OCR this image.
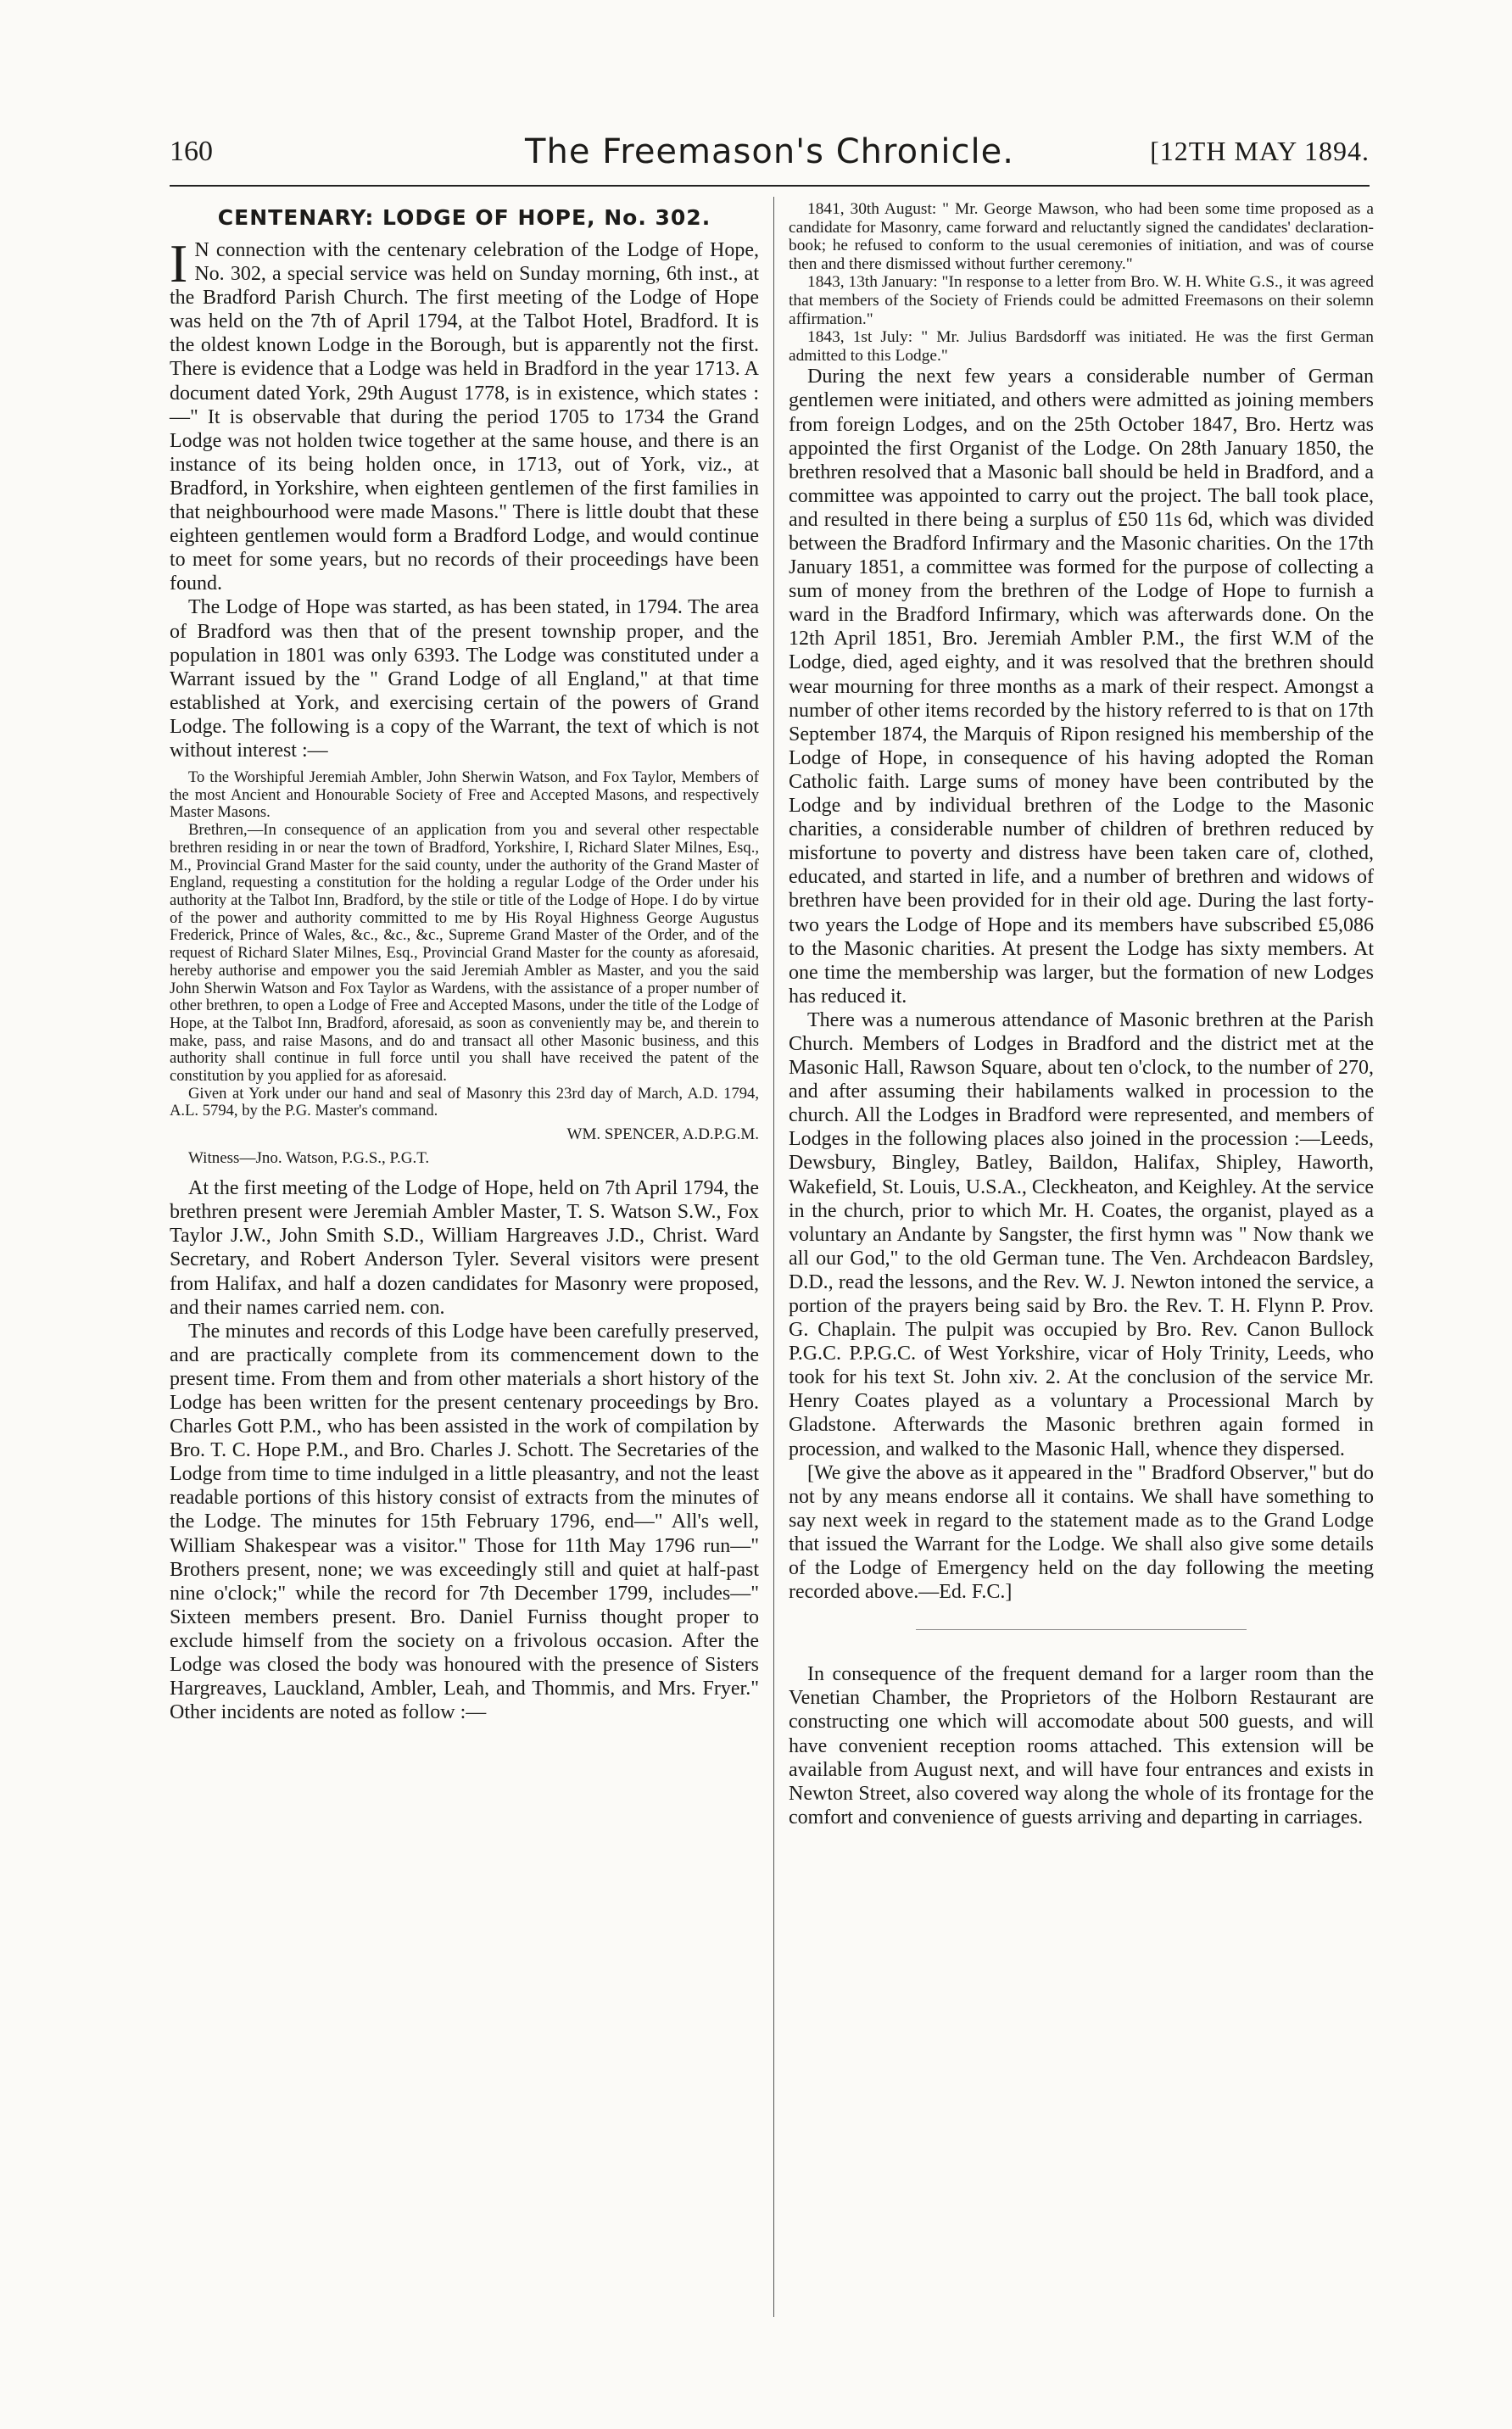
160	The Freemason's Chronicle.	[12TH MAY 1894.
CENTENARY: LODGE OF HOPE, No. 302.

I N connection with the centenary celebration of the Lodge of Hope, No. 302, a special service was held on Sunday morning, 6th inst., at the Bradford Parish Church. The first meeting of the Lodge of Hope was held on the 7th of April 1794, at the Talbot Hotel, Bradford. It is the oldest known Lodge in the Borough, but is apparently not the first. There is evidence that a Lodge was held in Bradford in the year 1713. A document dated York, 29th August 1778, is in existence, which states :—" It is observable that during the period 1705 to 1734 the Grand Lodge was not holden twice together at the same house, and there is an instance of its being holden once, in 1713, out of York, viz., at Bradford, in Yorkshire, when eighteen gentlemen of the first families in that neighbourhood were made Masons." There is little doubt that these eighteen gentlemen would form a Bradford Lodge, and would continue to meet for some years, but no records of their proceedings have been found.

The Lodge of Hope was started, as has been stated, in 1794. The area of Bradford was then that of the present township proper, and the population in 1801 was only 6393. The Lodge was constituted under a Warrant issued by the " Grand Lodge of all England," at that time established at York, and exercising certain of the powers of Grand Lodge. The following is a copy of the Warrant, the text of which is not without interest :—

To the Worshipful Jeremiah Ambler, John Sherwin Watson, and Fox Taylor, Members of the most Ancient and Honourable Society of Free and Accepted Masons, and respectively Master Masons.

Brethren,—In consequence of an application from you and several other respectable brethren residing in or near the town of Bradford, Yorkshire, I, Richard Slater Milnes, Esq., M., Provincial Grand Master for the said county, under the authority of the Grand Master of England, requesting a constitution for the holding a regular Lodge of the Order under his authority at the Talbot Inn, Bradford, by the stile or title of the Lodge of Hope. I do by virtue of the power and authority committed to me by His Royal Highness George Augustus Frederick, Prince of Wales, &c., &c., &c., Supreme Grand Master of the Order, and of the request of Richard Slater Milnes, Esq., Provincial Grand Master for the county as aforesaid, hereby authorise and empower you the said Jeremiah Ambler as Master, and you the said John Sherwin Watson and Fox Taylor as Wardens, with the assistance of a proper number of other brethren, to open a Lodge of Free and Accepted Masons, under the title of the Lodge of Hope, at the Talbot Inn, Bradford, aforesaid, as soon as conveniently may be, and therein to make, pass, and raise Masons, and do and transact all other Masonic business, and this authority shall continue in full force until you shall have received the patent of the constitution by you applied for as aforesaid.

Given at York under our hand and seal of Masonry this 23rd day of March, A.D. 1794, A.L. 5794, by the P.G. Master's command.

WM. SPENCER, A.D.P.G.M.

Witness—Jno. Watson, P.G.S., P.G.T.

At the first meeting of the Lodge of Hope, held on 7th April 1794, the brethren present were Jeremiah Ambler Master, T. S. Watson S.W., Fox Taylor J.W., John Smith S.D., William Hargreaves J.D., Christ. Ward Secretary, and Robert Anderson Tyler. Several visitors were present from Halifax, and half a dozen candidates for Masonry were proposed, and their names carried nem. con.

The minutes and records of this Lodge have been carefully preserved, and are practically complete from its commencement down to the present time. From them and from other materials a short history of the Lodge has been written for the present centenary proceedings by Bro. Charles Gott P.M., who has been assisted in the work of compilation by Bro. T. C. Hope P.M., and Bro. Charles J. Schott. The Secretaries of the Lodge from time to time indulged in a little pleasantry, and not the least readable portions of this history consist of extracts from the minutes of the Lodge. The minutes for 15th February 1796, end—" All's well, William Shakespear was a visitor." Those for 11th May 1796 run—" Brothers present, none; we was exceedingly still and quiet at half-past nine o'clock;" while the record for 7th December 1799, includes—" Sixteen members present. Bro. Daniel Furniss thought proper to exclude himself from the society on a frivolous occasion. After the Lodge was closed the body was honoured with the presence of Sisters Hargreaves, Lauckland, Ambler, Leah, and Thommis, and Mrs. Fryer." Other incidents are noted as follow :—

1841, 30th August: " Mr. George Mawson, who had been some time proposed as a candidate for Masonry, came forward and reluctantly signed the candidates' declaration-book; he refused to conform to the usual ceremonies of initiation, and was of course then and there dismissed without further ceremony."

1843, 13th January: "In response to a letter from Bro. W. H. White G.S., it was agreed that members of the Society of Friends could be admitted Freemasons on their solemn affirmation."

1843, 1st July: " Mr. Julius Bardsdorff was initiated. He was the first German admitted to this Lodge."

During the next few years a considerable number of German gentlemen were initiated, and others were admitted as joining members from foreign Lodges, and on the 25th October 1847, Bro. Hertz was appointed the first Organist of the Lodge. On 28th January 1850, the brethren resolved that a Masonic ball should be held in Bradford, and a committee was appointed to carry out the project. The ball took place, and resulted in there being a surplus of £50 11s 6d, which was divided between the Bradford Infirmary and the Masonic charities. On the 17th January 1851, a committee was formed for the purpose of collecting a sum of money from the brethren of the Lodge of Hope to furnish a ward in the Bradford Infirmary, which was afterwards done. On the 12th April 1851, Bro. Jeremiah Ambler P.M., the first W.M of the Lodge, died, aged eighty, and it was resolved that the brethren should wear mourning for three months as a mark of their respect. Amongst a number of other items recorded by the history referred to is that on 17th September 1874, the Marquis of Ripon resigned his membership of the Lodge of Hope, in consequence of his having adopted the Roman Catholic faith. Large sums of money have been contributed by the Lodge and by individual brethren of the Lodge to the Masonic charities, a considerable number of children of brethren reduced by misfortune to poverty and distress have been taken care of, clothed, educated, and started in life, and a number of brethren and widows of brethren have been provided for in their old age. During the last forty-two years the Lodge of Hope and its members have subscribed £5,086 to the Masonic charities. At present the Lodge has sixty members. At one time the membership was larger, but the formation of new Lodges has reduced it.

There was a numerous attendance of Masonic brethren at the Parish Church. Members of Lodges in Bradford and the district met at the Masonic Hall, Rawson Square, about ten o'clock, to the number of 270, and after assuming their habilaments walked in procession to the church. All the Lodges in Bradford were represented, and members of Lodges in the following places also joined in the procession :—Leeds, Dewsbury, Bingley, Batley, Baildon, Halifax, Shipley, Haworth, Wakefield, St. Louis, U.S.A., Cleckheaton, and Keighley. At the service in the church, prior to which Mr. H. Coates, the organist, played as a voluntary an Andante by Sangster, the first hymn was " Now thank we all our God," to the old German tune. The Ven. Archdeacon Bardsley, D.D., read the lessons, and the Rev. W. J. Newton intoned the service, a portion of the prayers being said by Bro. the Rev. T. H. Flynn P. Prov. G. Chaplain. The pulpit was occupied by Bro. Rev. Canon Bullock P.G.C. P.P.G.C. of West Yorkshire, vicar of Holy Trinity, Leeds, who took for his text St. John xiv. 2. At the conclusion of the service Mr. Henry Coates played as a voluntary a Processional March by Gladstone. Afterwards the Masonic brethren again formed in procession, and walked to the Masonic Hall, whence they dispersed.

[We give the above as it appeared in the " Bradford Observer," but do not by any means endorse all it contains. We shall have something to say next week in regard to the statement made as to the Grand Lodge that issued the Warrant for the Lodge. We shall also give some details of the Lodge of Emergency held on the day following the meeting recorded above.—Ed. F.C.]

In consequence of the frequent demand for a larger room than the Venetian Chamber, the Proprietors of the Holborn Restaurant are constructing one which will accomodate about 500 guests, and will have convenient reception rooms attached. This extension will be available from August next, and will have four entrances and exists in Newton Street, also covered way along the whole of its frontage for the comfort and convenience of guests arriving and departing in carriages.
